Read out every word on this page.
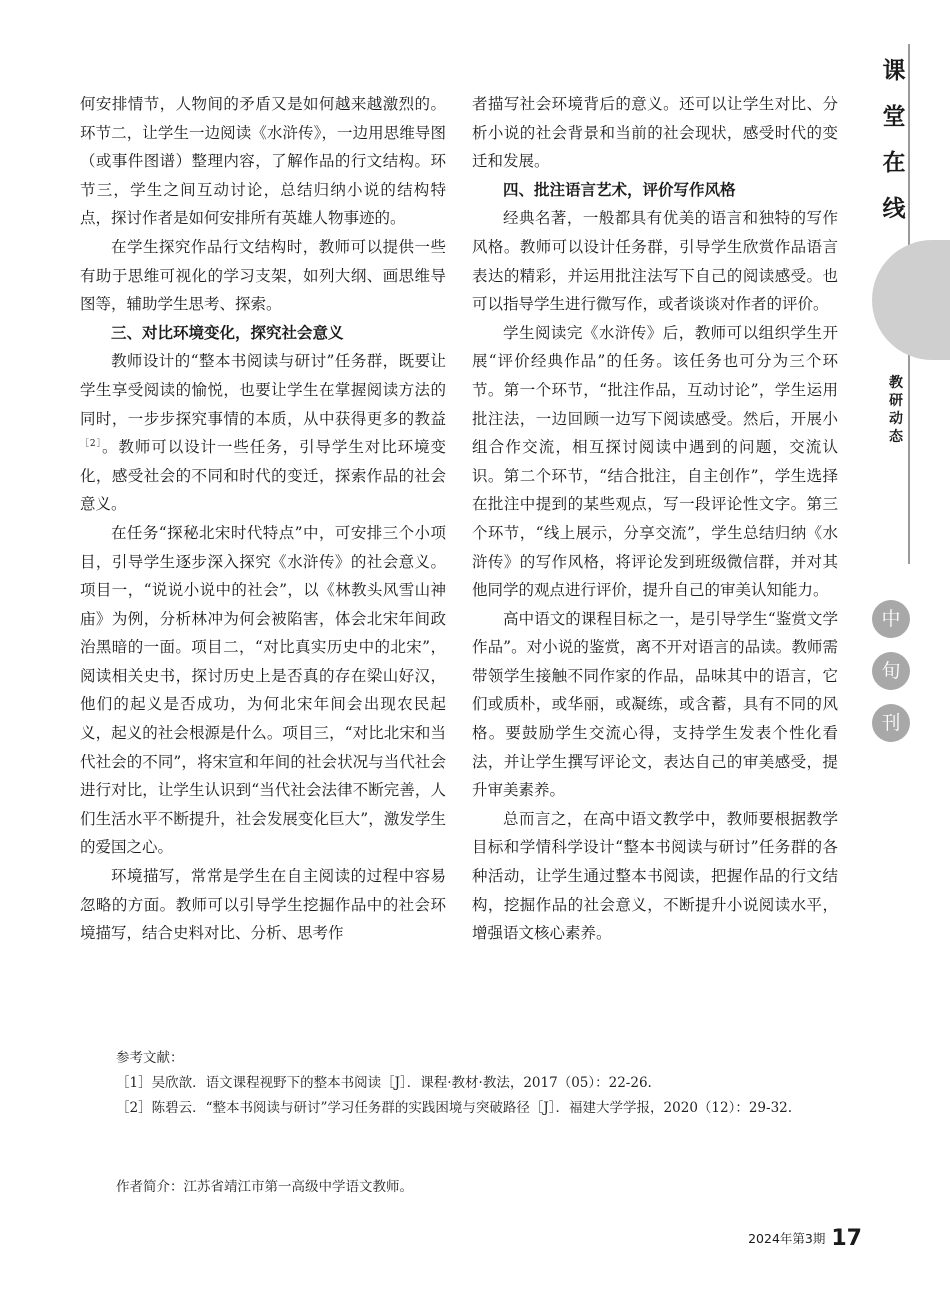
课
堂
在
线
教
研
动
态
中
旬
刊

何安排情节，人物间的矛盾又是如何越来越激烈的。环节二，让学生一边阅读《水浒传》，一边用思维导图（或事件图谱）整理内容，了解作品的行文结构。环节三，学生之间互动讨论，总结归纳小说的结构特点，探讨作者是如何安排所有英雄人物事迹的。

在学生探究作品行文结构时，教师可以提供一些有助于思维可视化的学习支架，如列大纲、画思维导图等，辅助学生思考、探索。

三、对比环境变化，探究社会意义

教师设计的“整本书阅读与研讨”任务群，既要让学生享受阅读的愉悦，也要让学生在掌握阅读方法的同时，一步步探究事情的本质，从中获得更多的教益$^{[2]}$。教师可以设计一些任务，引导学生对比环境变化，感受社会的不同和时代的变迁，探索作品的社会意义。

在任务“探秘北宋时代特点”中，可安排三个小项目，引导学生逐步深入探究《水浒传》的社会意义。项目一，“说说小说中的社会”，以《林教头风雪山神庙》为例，分析林冲为何会被陷害，体会北宋年间政治黑暗的一面。项目二，“对比真实历史中的北宋”，阅读相关史书，探讨历史上是否真的存在梁山好汉，他们的起义是否成功，为何北宋年间会出现农民起义，起义的社会根源是什么。项目三，“对比北宋和当代社会的不同”，将宋宣和年间的社会状况与当代社会进行对比，让学生认识到“当代社会法律不断完善，人们生活水平不断提升，社会发展变化巨大”，激发学生的爱国之心。

环境描写，常常是学生在自主阅读的过程中容易忽略的方面。教师可以引导学生挖掘作品中的社会环境描写，结合史料对比、分析、思考作

者描写社会环境背后的意义。还可以让学生对比、分析小说的社会背景和当前的社会现状，感受时代的变迁和发展。

四、批注语言艺术，评价写作风格

经典名著，一般都具有优美的语言和独特的写作风格。教师可以设计任务群，引导学生欣赏作品语言表达的精彩，并运用批注法写下自己的阅读感受。也可以指导学生进行微写作，或者谈谈对作者的评价。

学生阅读完《水浒传》后，教师可以组织学生开展“评价经典作品”的任务。该任务也可分为三个环节。第一个环节，“批注作品，互动讨论”，学生运用批注法，一边回顾一边写下阅读感受。然后，开展小组合作交流，相互探讨阅读中遇到的问题，交流认识。第二个环节，“结合批注，自主创作”，学生选择在批注中提到的某些观点，写一段评论性文字。第三个环节，“线上展示，分享交流”，学生总结归纳《水浒传》的写作风格，将评论发到班级微信群，并对其他同学的观点进行评价，提升自己的审美认知能力。

高中语文的课程目标之一，是引导学生“鉴赏文学作品”。对小说的鉴赏，离不开对语言的品读。教师需带领学生接触不同作家的作品，品味其中的语言，它们或质朴，或华丽，或凝练，或含蓄，具有不同的风格。要鼓励学生交流心得，支持学生发表个性化看法，并让学生撰写评论文，表达自己的审美感受，提升审美素养。

总而言之，在高中语文教学中，教师要根据教学目标和学情科学设计“整本书阅读与研讨”任务群的各种活动，让学生通过整本书阅读，把握作品的行文结构，挖掘作品的社会意义，不断提升小说阅读水平，增强语文核心素养。

参考文献：

［1］吴欣歆．语文课程视野下的整本书阅读［J］．课程·教材·教法，2017（05）：22-26.

［2］陈碧云．“整本书阅读与研讨”学习任务群的实践困境与突破路径［J］．福建大学学报，2020（12）：29-32.

作者简介：江苏省靖江市第一高级中学语文教师。
2024年第3期 17
